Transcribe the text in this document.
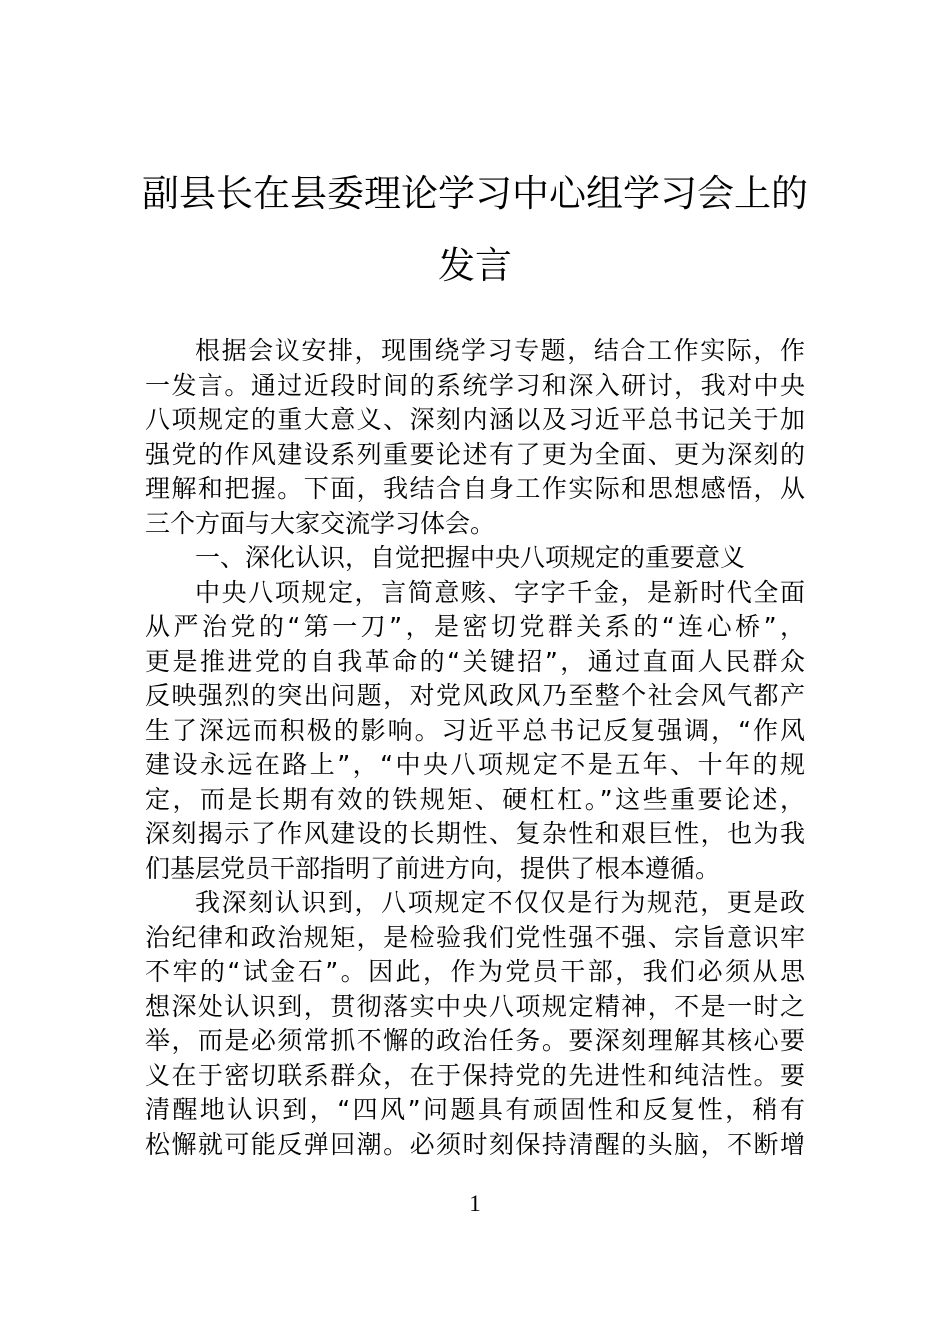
副县长在县委理论学习中心组学习会上的
发言
根据会议安排，现围绕学习专题，结合工作实际，作
一发言。通过近段时间的系统学习和深入研讨，我对中央
八项规定的重大意义、深刻内涵以及习近平总书记关于加
强党的作风建设系列重要论述有了更为全面、更为深刻的
理解和把握。下面，我结合自身工作实际和思想感悟，从
三个方面与大家交流学习体会。
一、深化认识，自觉把握中央八项规定的重要意义
中央八项规定，言简意赅、字字千金，是新时代全面
从严治党的“第一刀”，是密切党群关系的“连心桥”，
更是推进党的自我革命的“关键招”，通过直面人民群众
反映强烈的突出问题，对党风政风乃至整个社会风气都产
生了深远而积极的影响。习近平总书记反复强调，“作风
建设永远在路上”，“中央八项规定不是五年、十年的规
定，而是长期有效的铁规矩、硬杠杠。”这些重要论述，
深刻揭示了作风建设的长期性、复杂性和艰巨性，也为我
们基层党员干部指明了前进方向，提供了根本遵循。
我深刻认识到，八项规定不仅仅是行为规范，更是政
治纪律和政治规矩，是检验我们党性强不强、宗旨意识牢
不牢的“试金石”。因此，作为党员干部，我们必须从思
想深处认识到，贯彻落实中央八项规定精神，不是一时之
举，而是必须常抓不懈的政治任务。要深刻理解其核心要
义在于密切联系群众，在于保持党的先进性和纯洁性。要
清醒地认识到，“四风”问题具有顽固性和反复性，稍有
松懈就可能反弹回潮。必须时刻保持清醒的头脑，不断增
1
